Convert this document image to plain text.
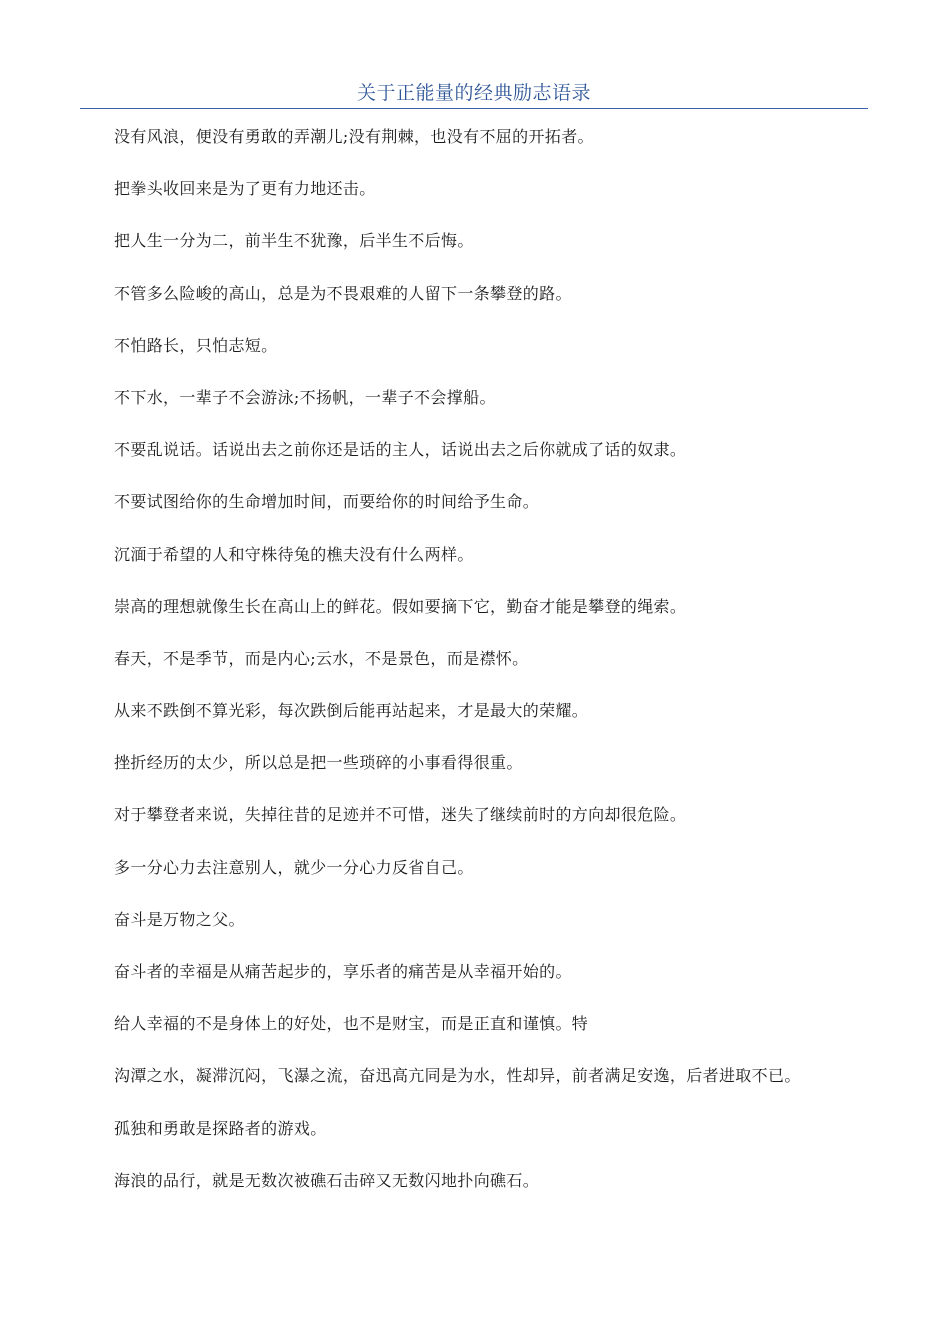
关于正能量的经典励志语录

没有风浪，便没有勇敢的弄潮儿;没有荆棘，也没有不屈的开拓者。

把拳头收回来是为了更有力地还击。

把人生一分为二，前半生不犹豫，后半生不后悔。

不管多么险峻的高山，总是为不畏艰难的人留下一条攀登的路。

不怕路长，只怕志短。

不下水，一辈子不会游泳;不扬帆，一辈子不会撑船。

不要乱说话。话说出去之前你还是话的主人，话说出去之后你就成了话的奴隶。

不要试图给你的生命增加时间，而要给你的时间给予生命。

沉湎于希望的人和守株待兔的樵夫没有什么两样。

崇高的理想就像生长在高山上的鲜花。假如要摘下它，勤奋才能是攀登的绳索。

春天，不是季节，而是内心;云水，不是景色，而是襟怀。

从来不跌倒不算光彩，每次跌倒后能再站起来，才是最大的荣耀。

挫折经历的太少，所以总是把一些琐碎的小事看得很重。

对于攀登者来说，失掉往昔的足迹并不可惜，迷失了继续前时的方向却很危险。

多一分心力去注意别人，就少一分心力反省自己。

奋斗是万物之父。

奋斗者的幸福是从痛苦起步的，享乐者的痛苦是从幸福开始的。

给人幸福的不是身体上的好处，也不是财宝，而是正直和谨慎。特

沟潭之水，凝滞沉闷，飞瀑之流，奋迅高亢同是为水，性却异，前者满足安逸，后者进取不已。

孤独和勇敢是探路者的游戏。

海浪的品行，就是无数次被礁石击碎又无数闪地扑向礁石。
